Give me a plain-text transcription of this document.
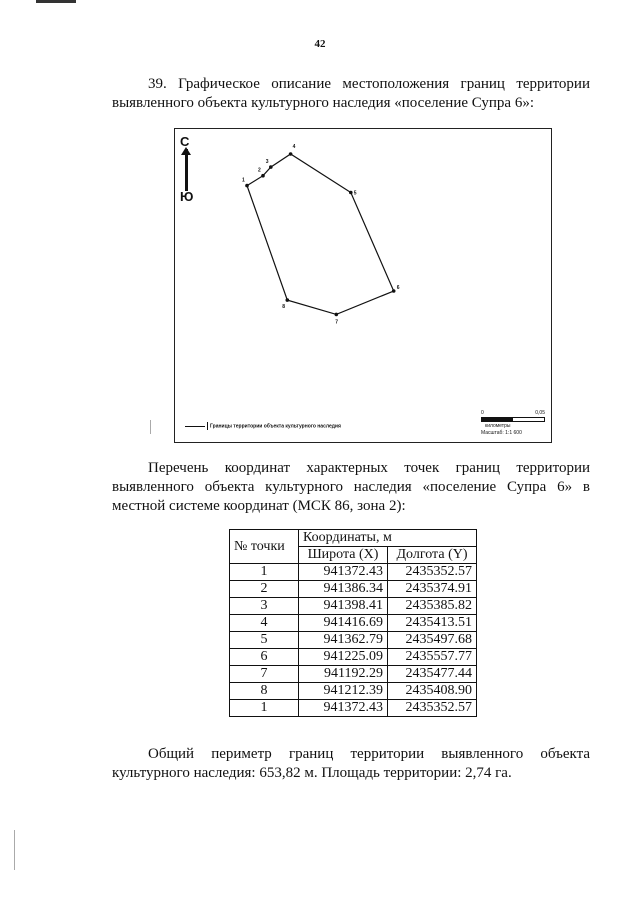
42
39. Графическое описание местоположения границ территории
выявленного объекта культурного наследия «поселение Супра 6»:
1
2
3
4
5
6
7
8
С
Ю
Границы территории объекта культурного наследия
0	0,05
километры
Масштаб: 1:1 600
Перечень координат характерных точек границ территории
выявленного объекта культурного наследия «поселение Супра 6» в
местной системе координат (МСК 86, зона 2):
№ точки	Координаты, м	
	Широта (X)	Долгота (Y)
1	941372.43	2435352.57
2	941386.34	2435374.91
3	941398.41	2435385.82
4	941416.69	2435413.51
5	941362.79	2435497.68
6	941225.09	2435557.77
7	941192.29	2435477.44
8	941212.39	2435408.90
1	941372.43	2435352.57
Общий периметр границ территории выявленного объекта
культурного наследия: 653,82 м. Площадь территории: 2,74 га.
